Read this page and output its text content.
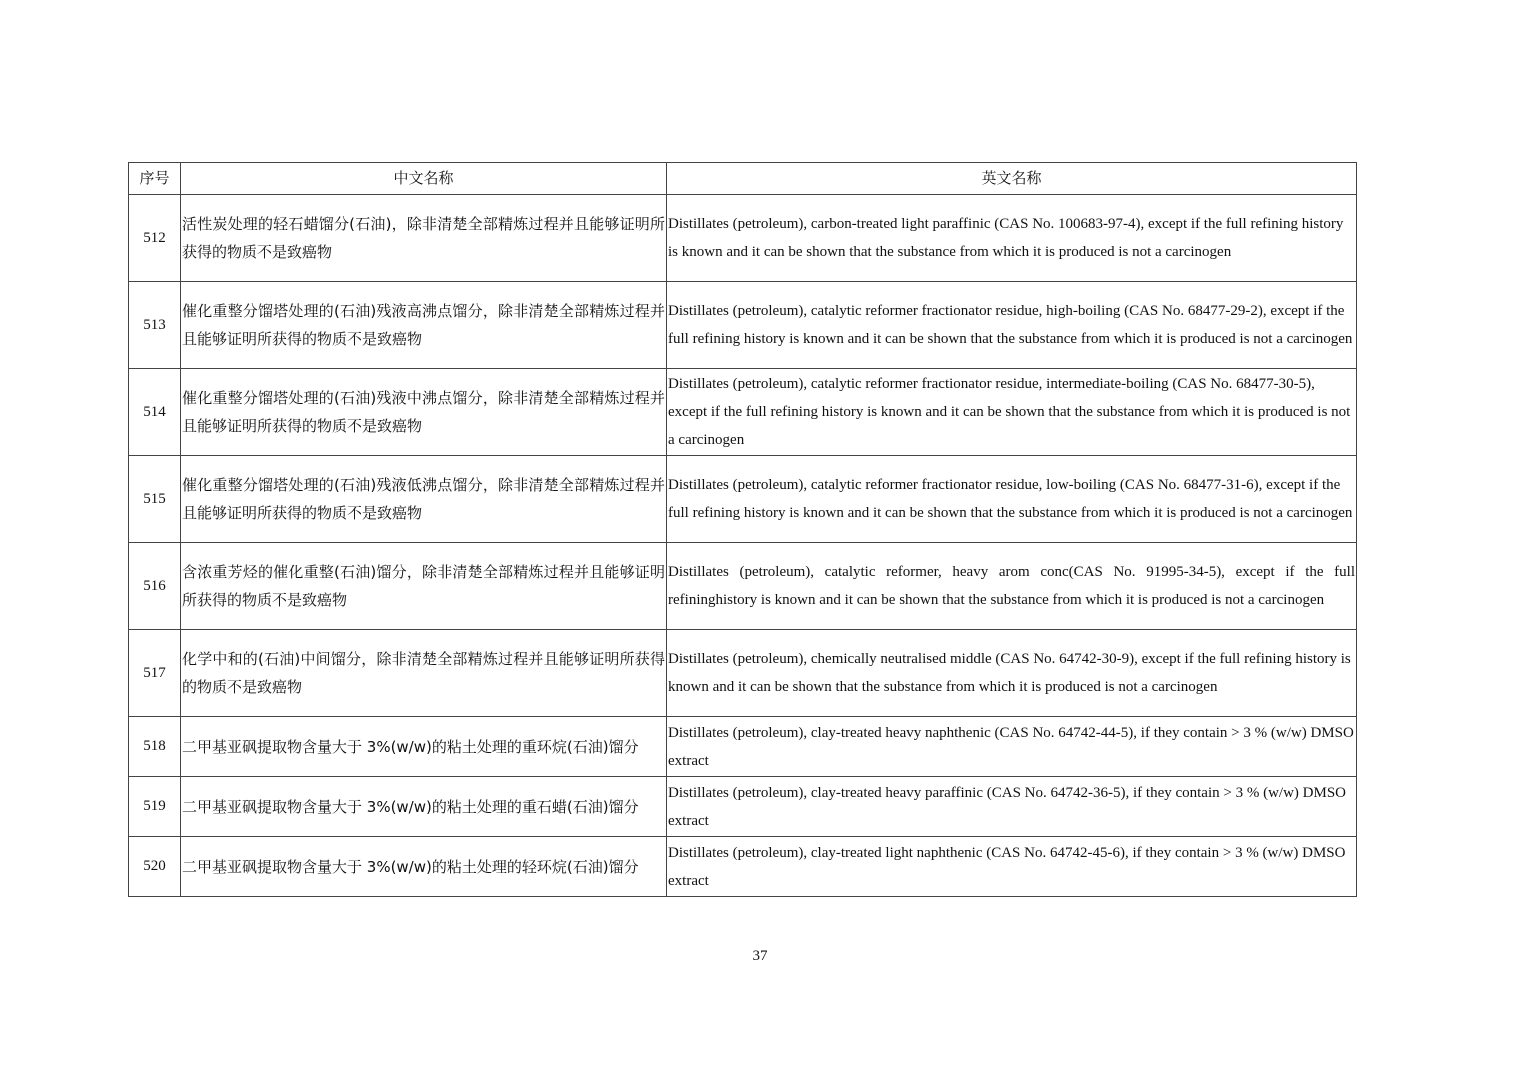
序号	中文名称	英文名称
512	活性炭处理的轻石蜡馏分(石油)，除非清楚全部精炼过程并且能够证明所获得的物质不是致癌物	Distillates (petroleum), carbon-treated light paraffinic (CAS No. 100683-97-4), except if the full refining history is known and it can be shown that the substance from which it is produced is not a carcinogen
513	催化重整分馏塔处理的(石油)残液高沸点馏分，除非清楚全部精炼过程并且能够证明所获得的物质不是致癌物	Distillates (petroleum), catalytic reformer fractionator residue, high-boiling (CAS No. 68477-29-2), except if the full refining history is known and it can be shown that the substance from which it is produced is not a carcinogen
514	催化重整分馏塔处理的(石油)残液中沸点馏分，除非清楚全部精炼过程并且能够证明所获得的物质不是致癌物	Distillates (petroleum), catalytic reformer fractionator residue, intermediate-boiling (CAS No. 68477-30-5), except if the full refining history is known and it can be shown that the substance from which it is produced is not a carcinogen
515	催化重整分馏塔处理的(石油)残液低沸点馏分，除非清楚全部精炼过程并且能够证明所获得的物质不是致癌物	Distillates (petroleum), catalytic reformer fractionator residue, low-boiling (CAS No. 68477-31-6), except if the full refining history is known and it can be shown that the substance from which it is produced is not a carcinogen
516	含浓重芳烃的催化重整(石油)馏分，除非清楚全部精炼过程并且能够证明所获得的物质不是致癌物	Distillates (petroleum), catalytic reformer, heavy arom conc(CAS No. 91995-34-5), except if the full refininghistory is known and it can be shown that the substance from which it is produced is not a carcinogen
517	化学中和的(石油)中间馏分，除非清楚全部精炼过程并且能够证明所获得的物质不是致癌物	Distillates (petroleum), chemically neutralised middle (CAS No. 64742-30-9), except if the full refining history is known and it can be shown that the substance from which it is produced is not a carcinogen
518	二甲基亚砜提取物含量大于 3%(w/w)的粘土处理的重环烷(石油)馏分	Distillates (petroleum), clay-treated heavy naphthenic (CAS No. 64742-44-5), if they contain > 3 % (w/w) DMSO extract
519	二甲基亚砜提取物含量大于 3%(w/w)的粘土处理的重石蜡(石油)馏分	Distillates (petroleum), clay-treated heavy paraffinic (CAS No. 64742-36-5), if they contain > 3 % (w/w) DMSO extract
520	二甲基亚砜提取物含量大于 3%(w/w)的粘土处理的轻环烷(石油)馏分	Distillates (petroleum), clay-treated light naphthenic (CAS No. 64742-45-6), if they contain > 3 % (w/w) DMSO extract
37
